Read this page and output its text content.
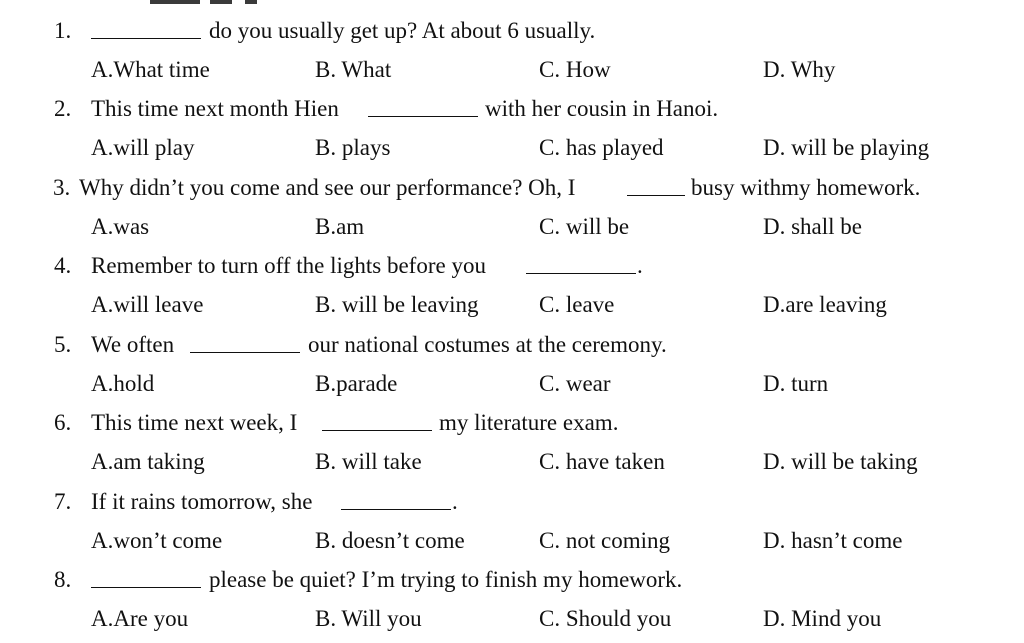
1.	do you usually get up? At about 6 usually.
A.What time	B. What	C. How	D. Why
2. This time next month Hien	with her cousin in Hanoi.
A.will play	B. plays	C. has played	D. will be playing
3. Why didn’t you come and see our performance? Oh, I	busy withmy homework.
A.was	B.am	C. will be	D. shall be
4. Remember to turn off the lights before you	.
A.will leave	B. will be leaving	C. leave	D.are leaving
5. We often	our national costumes at the ceremony.
A.hold	B.parade	C. wear	D. turn
6. This time next week, I	my literature exam.
A.am taking	B. will take	C. have taken	D. will be taking
7. If it rains tomorrow, she	.
A.won’t come	B. doesn’t come	C. not coming	D. hasn’t come
8.	please be quiet? I’m trying to finish my homework.
A.Are you	B. Will you	C. Should you	D. Mind you
